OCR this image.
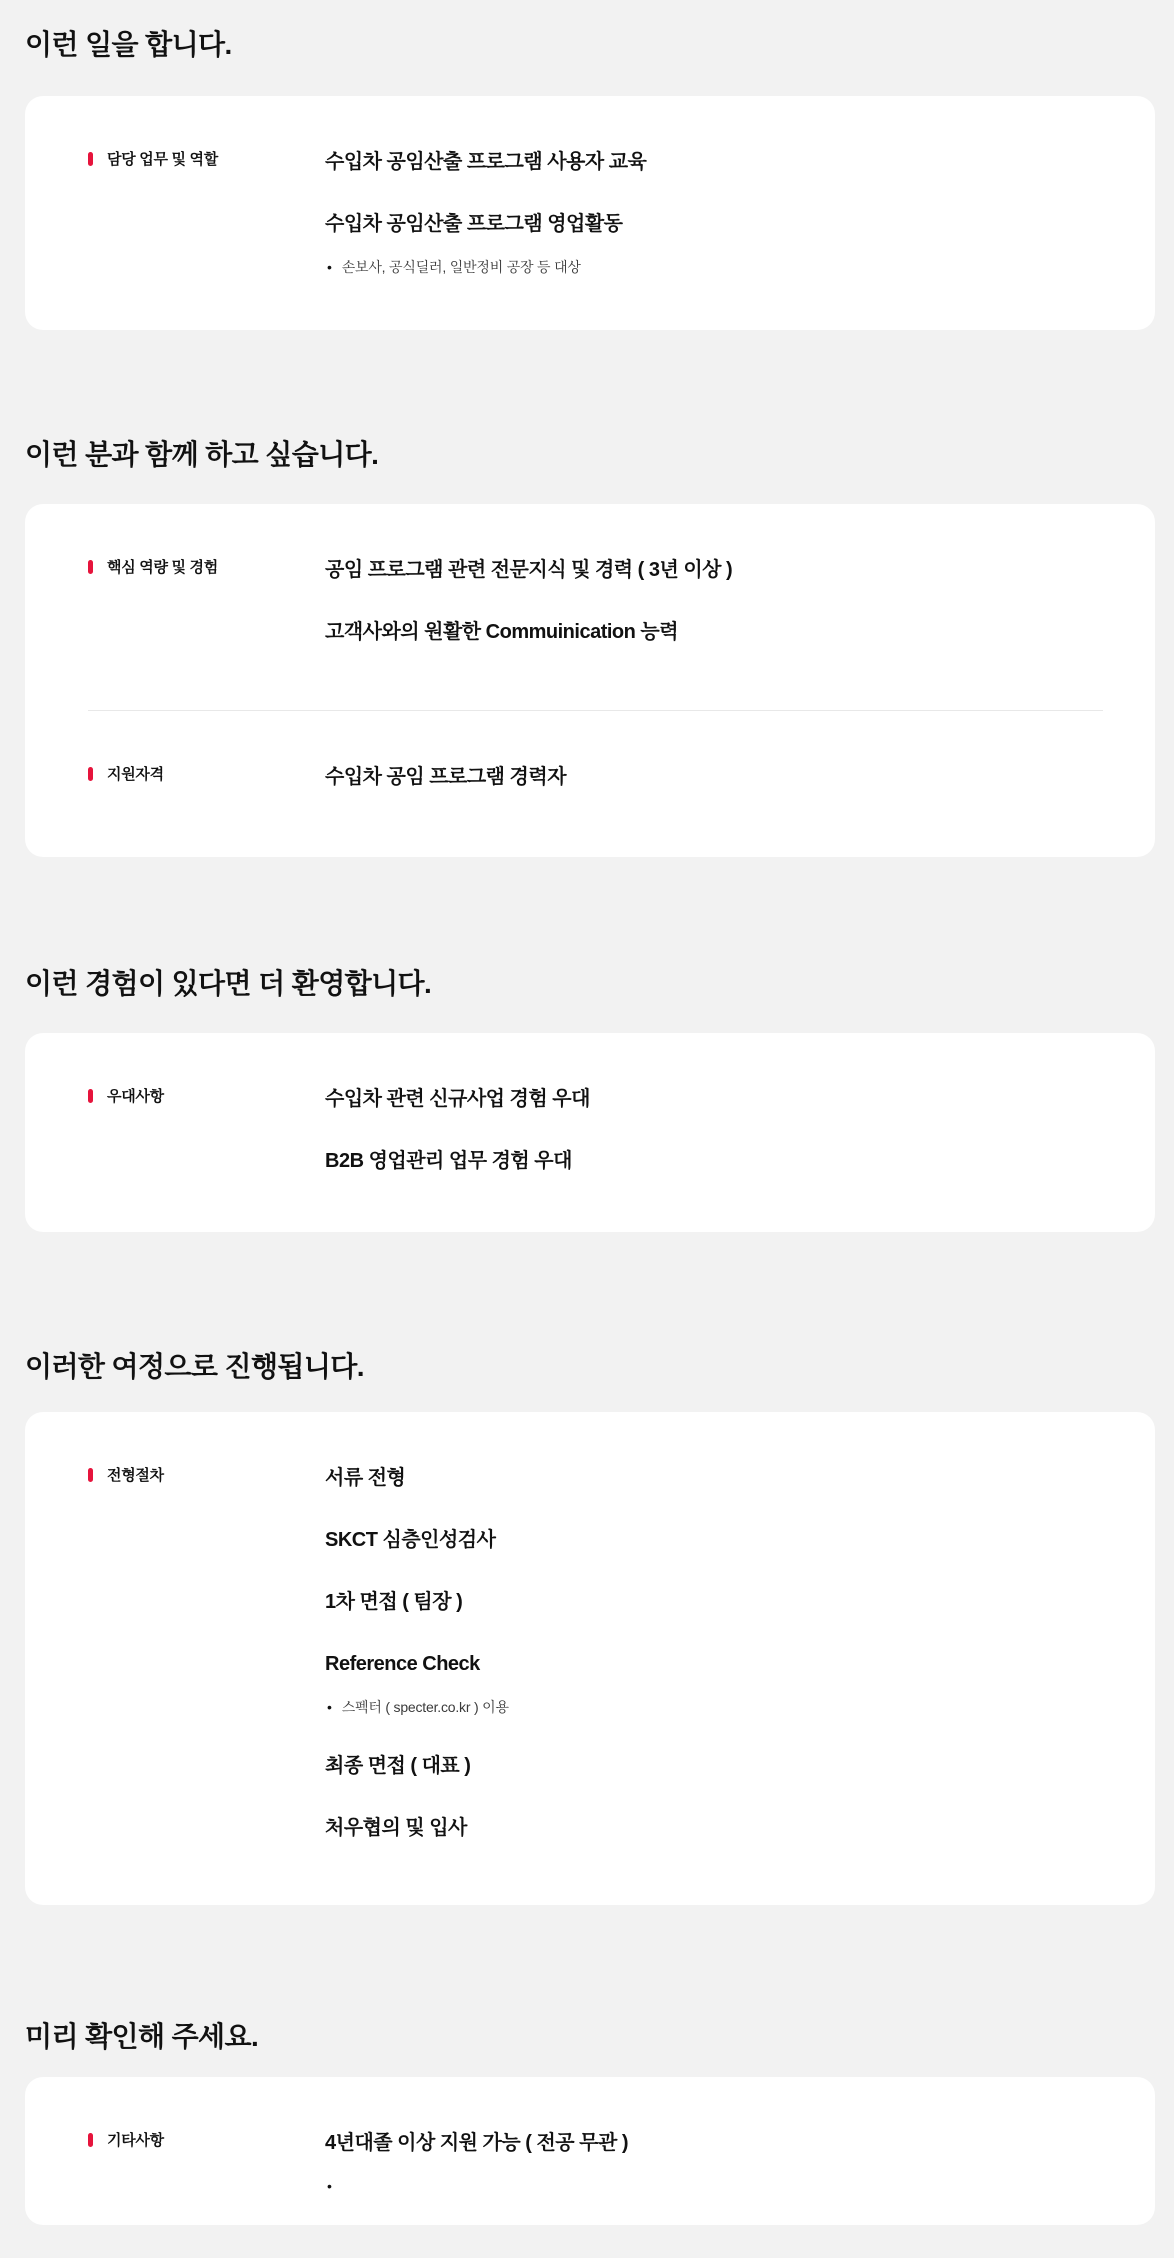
이런 일을 합니다.
담당 업무 및 역할	수입차 공임산출 프로그램 사용자 교육

수입차 공임산출 프로그램 영업활동

• 손보사, 공식딜러, 일반정비 공장 등 대상
이런 분과 함께 하고 싶습니다.
핵심 역량 및 경험	공임 프로그램 관련 전문지식 및 경력 ( 3년 이상 )

고객사와의 원활한 Commuinication 능력

지원자격	수입차 공임 프로그램 경력자

이런 경험이 있다면 더 환영합니다.
우대사항	수입차 관련 신규사업 경험 우대

B2B 영업관리 업무 경험 우대

이러한 여정으로 진행됩니다.
전형절차	서류 전형

SKCT 심층인성검사

1차 면접 ( 팀장 )

Reference Check

• 스펙터 ( specter.co.kr ) 이용

최종 면접 ( 대표 )

처우협의 및 입사

미리 확인해 주세요.
기타사항	4년대졸 이상 지원 가능 ( 전공 무관 )

•
